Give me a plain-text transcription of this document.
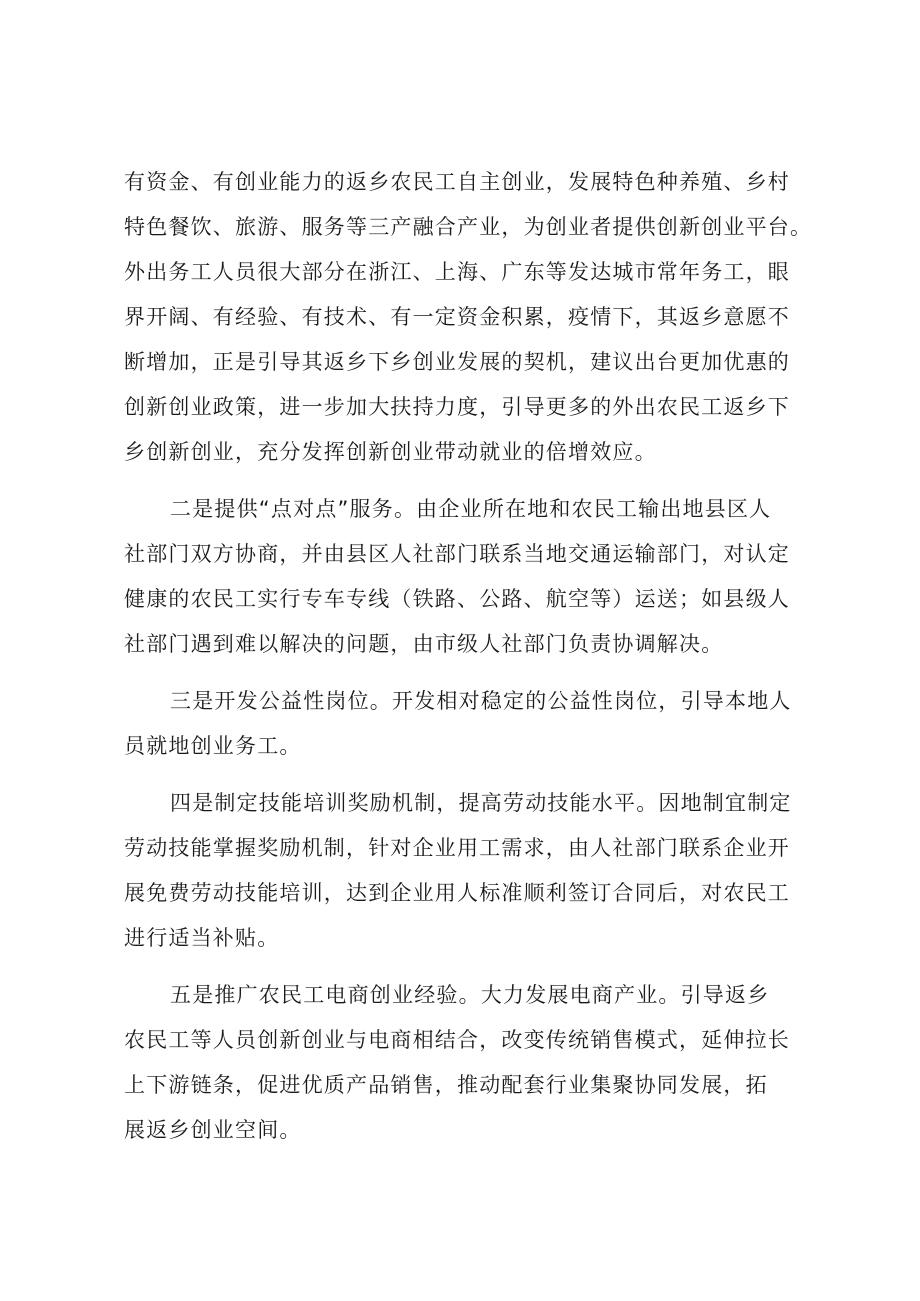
有资金、有创业能力的返乡农民工自主创业，发展特色种养殖、乡村
特色餐饮、旅游、服务等三产融合产业，为创业者提供创新创业平台。
外出务工人员很大部分在浙江、上海、广东等发达城市常年务工，眼
界开阔、有经验、有技术、有一定资金积累，疫情下，其返乡意愿不
断增加，正是引导其返乡下乡创业发展的契机，建议出台更加优惠的
创新创业政策，进一步加大扶持力度，引导更多的外出农民工返乡下
乡创新创业，充分发挥创新创业带动就业的倍增效应。
二是提供“点对点”服务。由企业所在地和农民工输出地县区人
社部门双方协商，并由县区人社部门联系当地交通运输部门，对认定
健康的农民工实行专车专线（铁路、公路、航空等）运送；如县级人
社部门遇到难以解决的问题，由市级人社部门负责协调解决。
三是开发公益性岗位。开发相对稳定的公益性岗位，引导本地人
员就地创业务工。
四是制定技能培训奖励机制，提高劳动技能水平。因地制宜制定
劳动技能掌握奖励机制，针对企业用工需求，由人社部门联系企业开
展免费劳动技能培训，达到企业用人标准顺利签订合同后，对农民工
进行适当补贴。
五是推广农民工电商创业经验。大力发展电商产业。引导返乡
农民工等人员创新创业与电商相结合，改变传统销售模式，延伸拉长
上下游链条，促进优质产品销售，推动配套行业集聚协同发展，拓
展返乡创业空间。
